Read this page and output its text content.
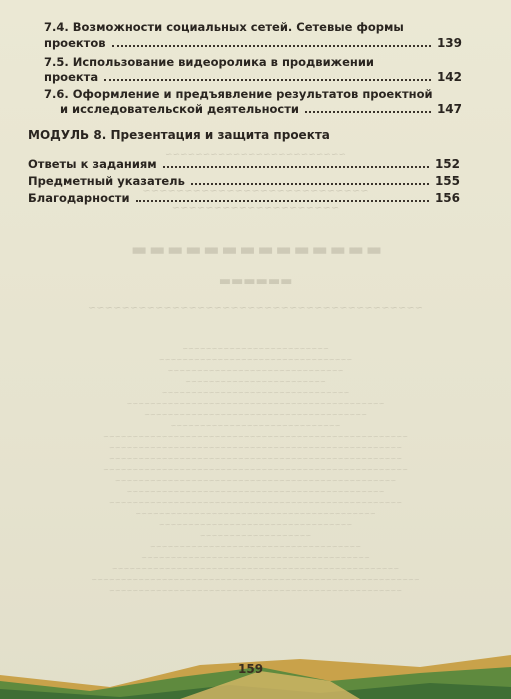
~~~~~~~~~~~~~~~~~~~~~~~~
~~~~~~~~~~~~~~~~~~~~~~~~~~~
~~~~~~~~~~~~~~~~~~~~
▬▬▬▬▬▬▬▬▬▬▬▬▬▬
▬▬▬▬▬▬
~~~~~~~~~~~~~~~~~~~~~~~~~~~~~~~~~~~~~~~~
~~~~~~~~~~~~~~~~~~~~~~~~~
~~~~~~~~~~~~~~~~~~~~~~~~~~~~~~~~~
~~~~~~~~~~~~~~~~~~~~~~~~~~~~~~
~~~~~~~~~~~~~~~~~~~~~~~~
~~~~~~~~~~~~~~~~~~~~~~~~~~~~~~~~
~~~~~~~~~~~~~~~~~~~~~~~~~~~~~~~~~~~~~~~~~~~~
~~~~~~~~~~~~~~~~~~~~~~~~~~~~~~~~~~~~~~
~~~~~~~~~~~~~~~~~~~~~~~~~~~~~
~~~~~~~~~~~~~~~~~~~~~~~~~~~~~~~~~~~~~~~~~~~~~~~~~~~~
~~~~~~~~~~~~~~~~~~~~~~~~~~~~~~~~~~~~~~~~~~~~~~~~~~
~~~~~~~~~~~~~~~~~~~~~~~~~~~~~~~~~~~~~~~~~~~~~~~~~~
~~~~~~~~~~~~~~~~~~~~~~~~~~~~~~~~~~~~~~~~~~~~~~~~~~~~
~~~~~~~~~~~~~~~~~~~~~~~~~~~~~~~~~~~~~~~~~~~~~~~~
~~~~~~~~~~~~~~~~~~~~~~~~~~~~~~~~~~~~~~~~~~~~
~~~~~~~~~~~~~~~~~~~~~~~~~~~~~~~~~~~~~~~~~~~~~~~~~~
~~~~~~~~~~~~~~~~~~~~~~~~~~~~~~~~~~~~~~~~~
~~~~~~~~~~~~~~~~~~~~~~~~~~~~~~~~~
~~~~~~~~~~~~~~~~~~~
~~~~~~~~~~~~~~~~~~~~~~~~~~~~~~~~~~~~
~~~~~~~~~~~~~~~~~~~~~~~~~~~~~~~~~~~~~~~
~~~~~~~~~~~~~~~~~~~~~~~~~~~~~~~~~~~~~~~~~~~~~~~~~
~~~~~~~~~~~~~~~~~~~~~~~~~~~~~~~~~~~~~~~~~~~~~~~~~~~~~~~~
~~~~~~~~~~~~~~~~~~~~~~~~~~~~~~~~~~~~~~~~~~~~~~~~~~
7.4. Возможности социальных сетей. Сетевые формы
проектов	139
7.5. Использование видеоролика в продвижении
проекта	142
7.6. Оформление и предъявление результатов проектной
и исследовательской деятельности	147
МОДУЛЬ 8. Презентация и защита проекта
Ответы к заданиям	152
Предметный указатель	155
Благодарности	156
159
